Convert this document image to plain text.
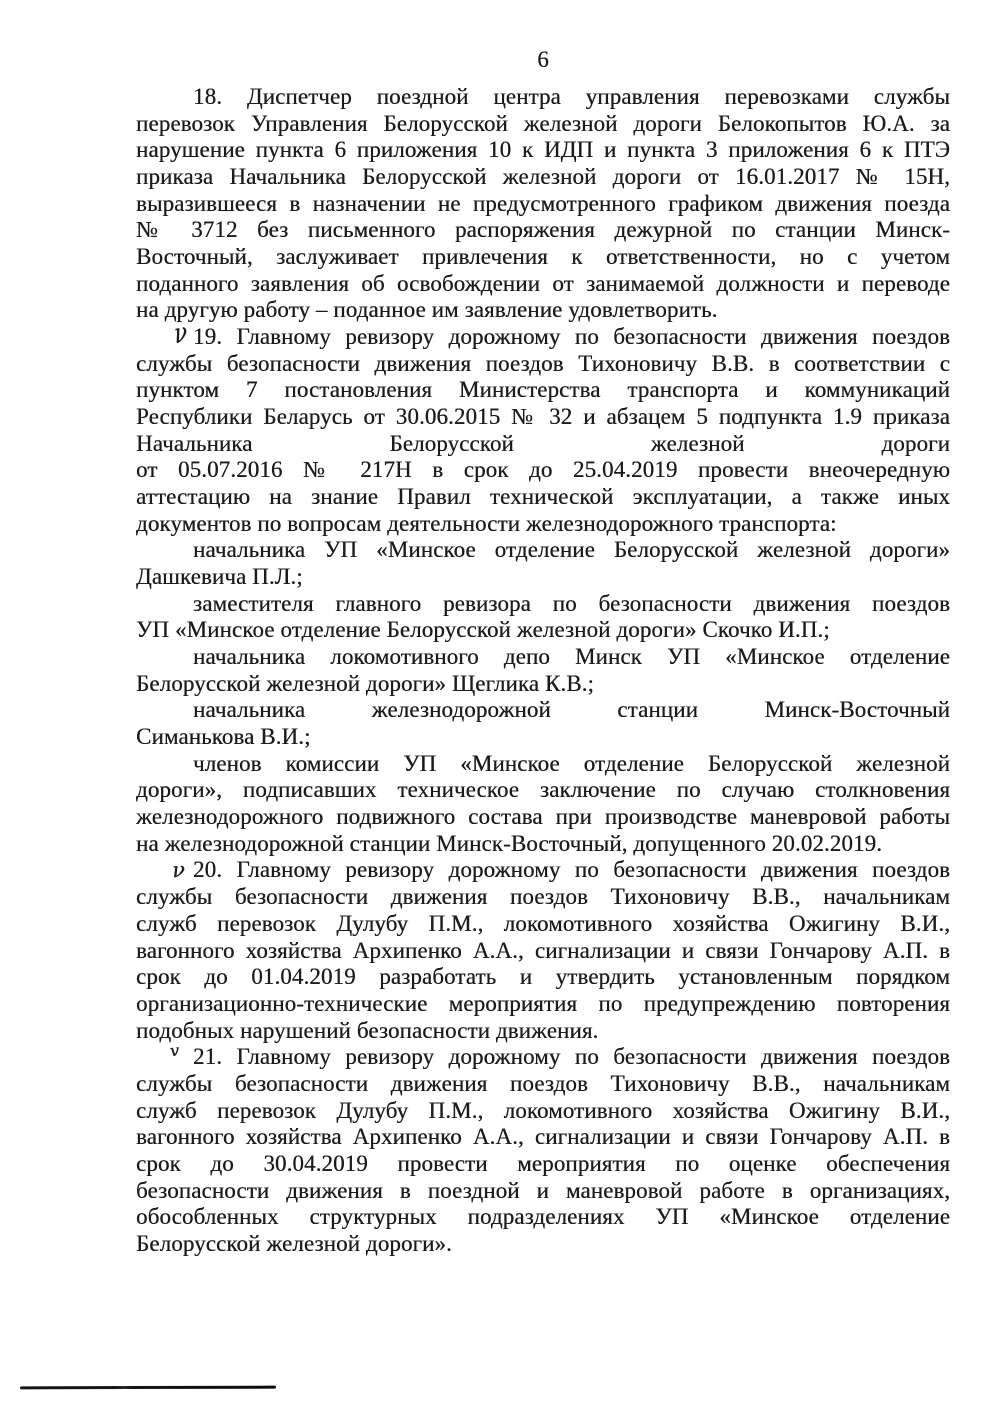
6
18. Диспетчер поездной центра управления перевозками службы
перевозок Управления Белорусской железной дороги Белокопытов Ю.А. за
нарушение пункта 6 приложения 10 к ИДП и пункта 3 приложения 6 к ПТЭ
приказа Начальника Белорусской железной дороги от 16.01.2017 № 15Н,
выразившееся в назначении не предусмотренного графиком движения поезда
№ 3712 без письменного распоряжения дежурной по станции Минск-
Восточный, заслуживает привлечения к ответственности, но с учетом
поданного заявления об освобождении от занимаемой должности и переводе
на другую работу – поданное им заявление удовлетворить.
ν 19. Главному ревизору дорожному по безопасности движения поездов
службы безопасности движения поездов Тихоновичу В.В. в соответствии с
пунктом 7 постановления Министерства транспорта и коммуникаций
Республики Беларусь от 30.06.2015 № 32 и абзацем 5 подпункта 1.9 приказа
Начальника Белорусской железной дороги
от 05.07.2016 № 217Н в срок до 25.04.2019 провести внеочередную
аттестацию на знание Правил технической эксплуатации, а также иных
документов по вопросам деятельности железнодорожного транспорта:
начальника УП «Минское отделение Белорусской железной дороги»
Дашкевича П.Л.;
заместителя главного ревизора по безопасности движения поездов
УП «Минское отделение Белорусской железной дороги» Скочко И.П.;
начальника локомотивного депо Минск УП «Минское отделение
Белорусской железной дороги» Щеглика К.В.;
начальника железнодорожной станции Минск-Восточный
Симанькова В.И.;
членов комиссии УП «Минское отделение Белорусской железной
дороги», подписавших техническое заключение по случаю столкновения
железнодорожного подвижного состава при производстве маневровой работы
на железнодорожной станции Минск-Восточный, допущенного 20.02.2019.
ν 20. Главному ревизору дорожному по безопасности движения поездов
службы безопасности движения поездов Тихоновичу В.В., начальникам
служб перевозок Дулубу П.М., локомотивного хозяйства Ожигину В.И.,
вагонного хозяйства Архипенко А.А., сигнализации и связи Гончарову А.П. в
срок до 01.04.2019 разработать и утвердить установленным порядком
организационно-технические мероприятия по предупреждению повторения
подобных нарушений безопасности движения.
v 21. Главному ревизору дорожному по безопасности движения поездов
службы безопасности движения поездов Тихоновичу В.В., начальникам
служб перевозок Дулубу П.М., локомотивного хозяйства Ожигину В.И.,
вагонного хозяйства Архипенко А.А., сигнализации и связи Гончарову А.П. в
срок до 30.04.2019 провести мероприятия по оценке обеспечения
безопасности движения в поездной и маневровой работе в организациях,
обособленных структурных подразделениях УП «Минское отделение
Белорусской железной дороги».
